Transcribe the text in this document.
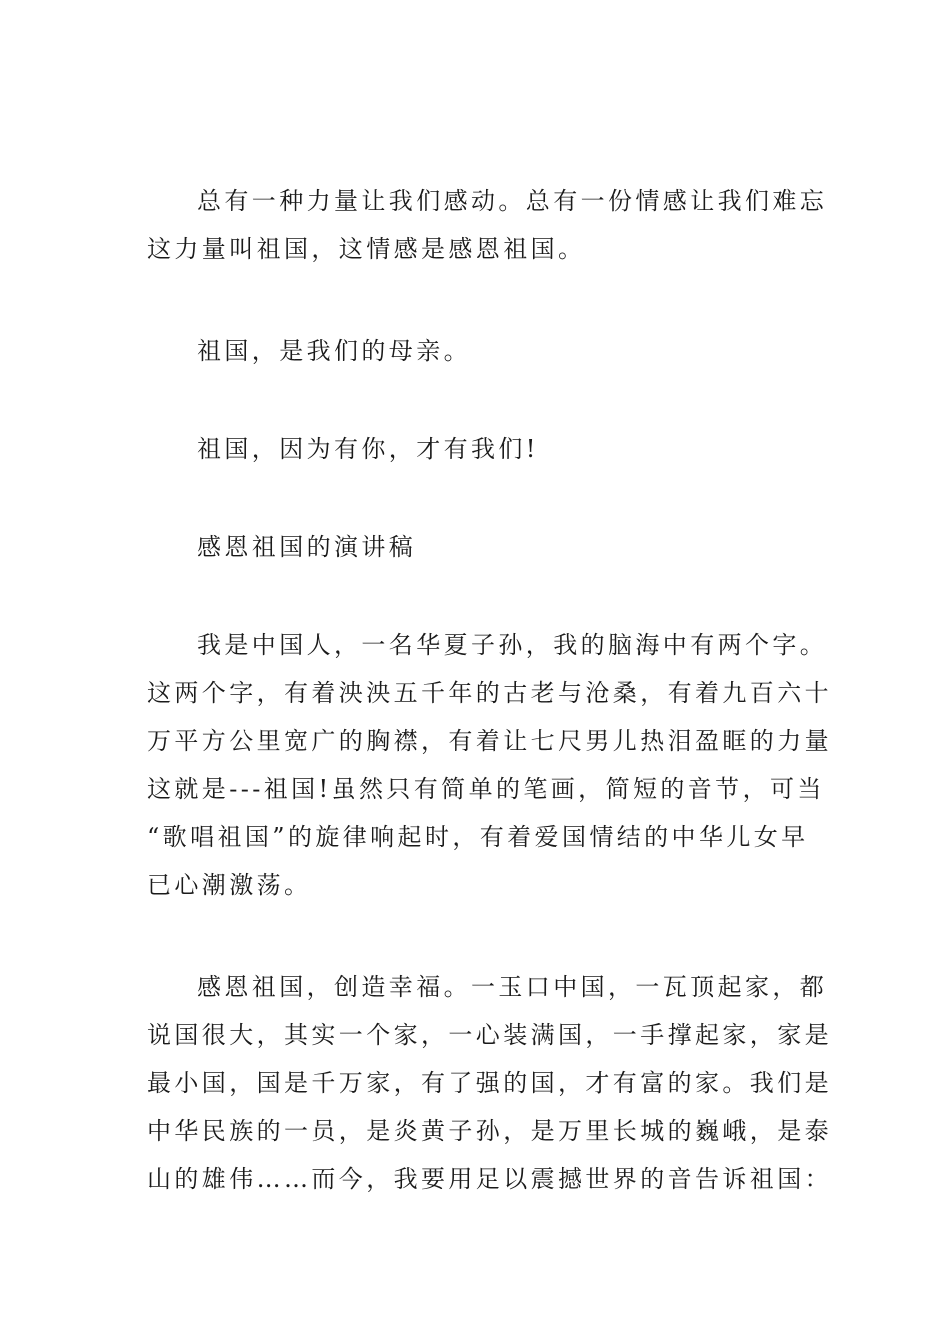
总有一种力量让我们感动。总有一份情感让我们难忘
这力量叫祖国，这情感是感恩祖国。
祖国，是我们的母亲。
祖国，因为有你，才有我们!
感恩祖国的演讲稿
我是中国人，一名华夏子孙，我的脑海中有两个字。
这两个字，有着泱泱五千年的古老与沧桑，有着九百六十
万平方公里宽广的胸襟，有着让七尺男儿热泪盈眶的力量
这就是---祖国!虽然只有简单的笔画，简短的音节，可当
“歌唱祖国”的旋律响起时，有着爱国情结的中华儿女早
已心潮激荡。
感恩祖国，创造幸福。一玉口中国，一瓦顶起家，都
说国很大，其实一个家，一心装满国，一手撑起家，家是
最小国，国是千万家，有了强的国，才有富的家。我们是
中华民族的一员，是炎黄子孙，是万里长城的巍峨，是泰
山的雄伟……而今，我要用足以震撼世界的音告诉祖国：
